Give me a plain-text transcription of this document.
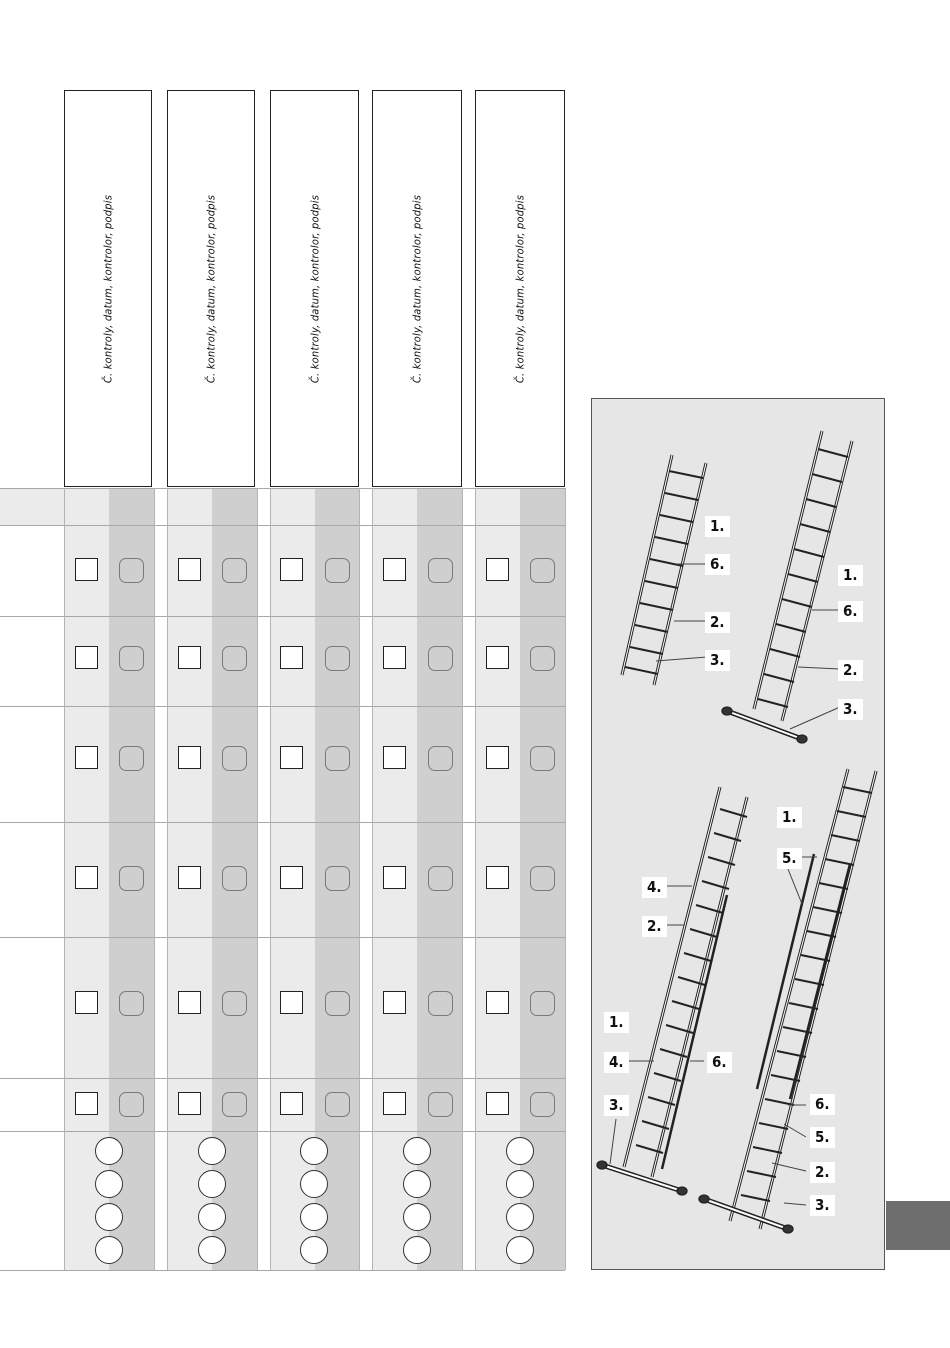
Č. kontroly, datum, kontrolor, podpis	Č. kontroly, datum, kontrolor, podpis	Č. kontroly, datum, kontrolor, podpis	Č. kontroly, datum, kontrolor, podpis	Č. kontroly, datum, kontrolor, podpis
1.
6.
2.
3.
1.
6.
2.
3.
4.
2.
1.
4.	6.
3.
1.
5.
6.
5.
2.
3.
